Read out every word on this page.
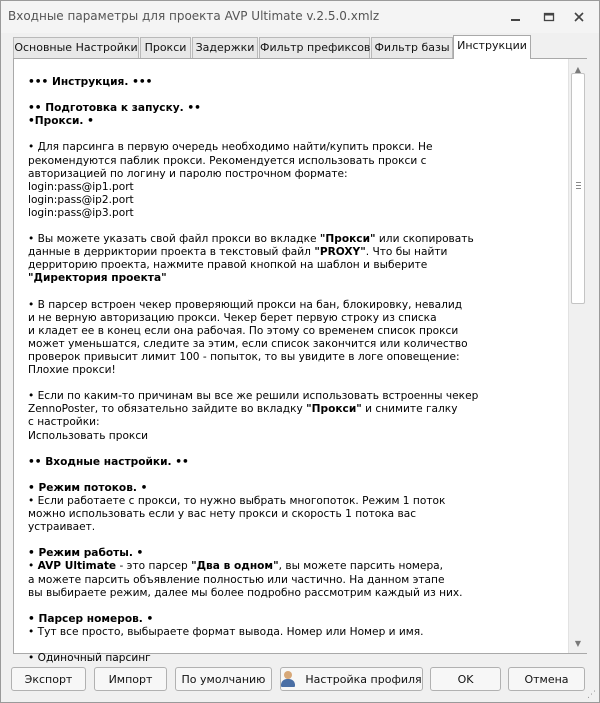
Входные параметры для проекта AVP Ultimate v.2.5.0.xmlz
Основные Настройки Прокси Задержки Фильтр префиксов Фильтр базы Инструкции
••• Инструкция. •••
•• Подготовка к запуску. ••
•Прокси. •
• Для парсинга в первую очередь необходимо найти/купить прокси. Не
рекомендуются паблик прокси. Рекомендуется использовать прокси с
авторизацией по логину и паролю построчном формате:
login:pass@ip1.port
login:pass@ip2.port
login:pass@ip3.port
• Вы можете указать свой файл прокси во вкладке "Прокси" или скопировать
данные в дерриктории проекта в текстовый файл "PROXY". Что бы найти
дерриторию проекта, нажмите правой кнопкой на шаблон и выберите
"Директория проекта"
• В парсер встроен чекер проверяющий прокси на бан, блокировку, невалид
и не верную авторизацию прокси. Чекер берет первую строку из списка
и кладет ее в конец если она рабочая. По этому со временем список прокси
может уменьшатся, следите за этим, если список закончится или количество
проверок привысит лимит 100 - попыток, то вы увидите в логе оповещение:
Плохие прокси!
• Если по каким-то причинам вы все же решили использовать встроенны чекер
ZennoPoster, то обязательно зайдите во вкладку "Прокси" и снимите галку
с настройки:
Использовать прокси
•• Входные настройки. ••
• Режим потоков. •
• Если работаете с прокси, то нужно выбрать многопоток. Режим 1 поток
можно использовать если у вас нету прокси и скорость 1 потока вас
устраивает.
• Режим работы. •
• AVP Ultimate - это парсер "Два в одном", вы можете парсить номера,
а можете парсить объявление полностью или частично. На данном этапе
вы выбираете режим, далее мы более подробно рассмотрим каждый из них.
• Парсер номеров. •
• Тут все просто, выбыраете формат вывода. Номер или Номер и имя.
• Одиночный парсинг
▲
▼
Экспорт	Импорт	По умолчанию	Настройка профиля	OK	Отмена
⋰
